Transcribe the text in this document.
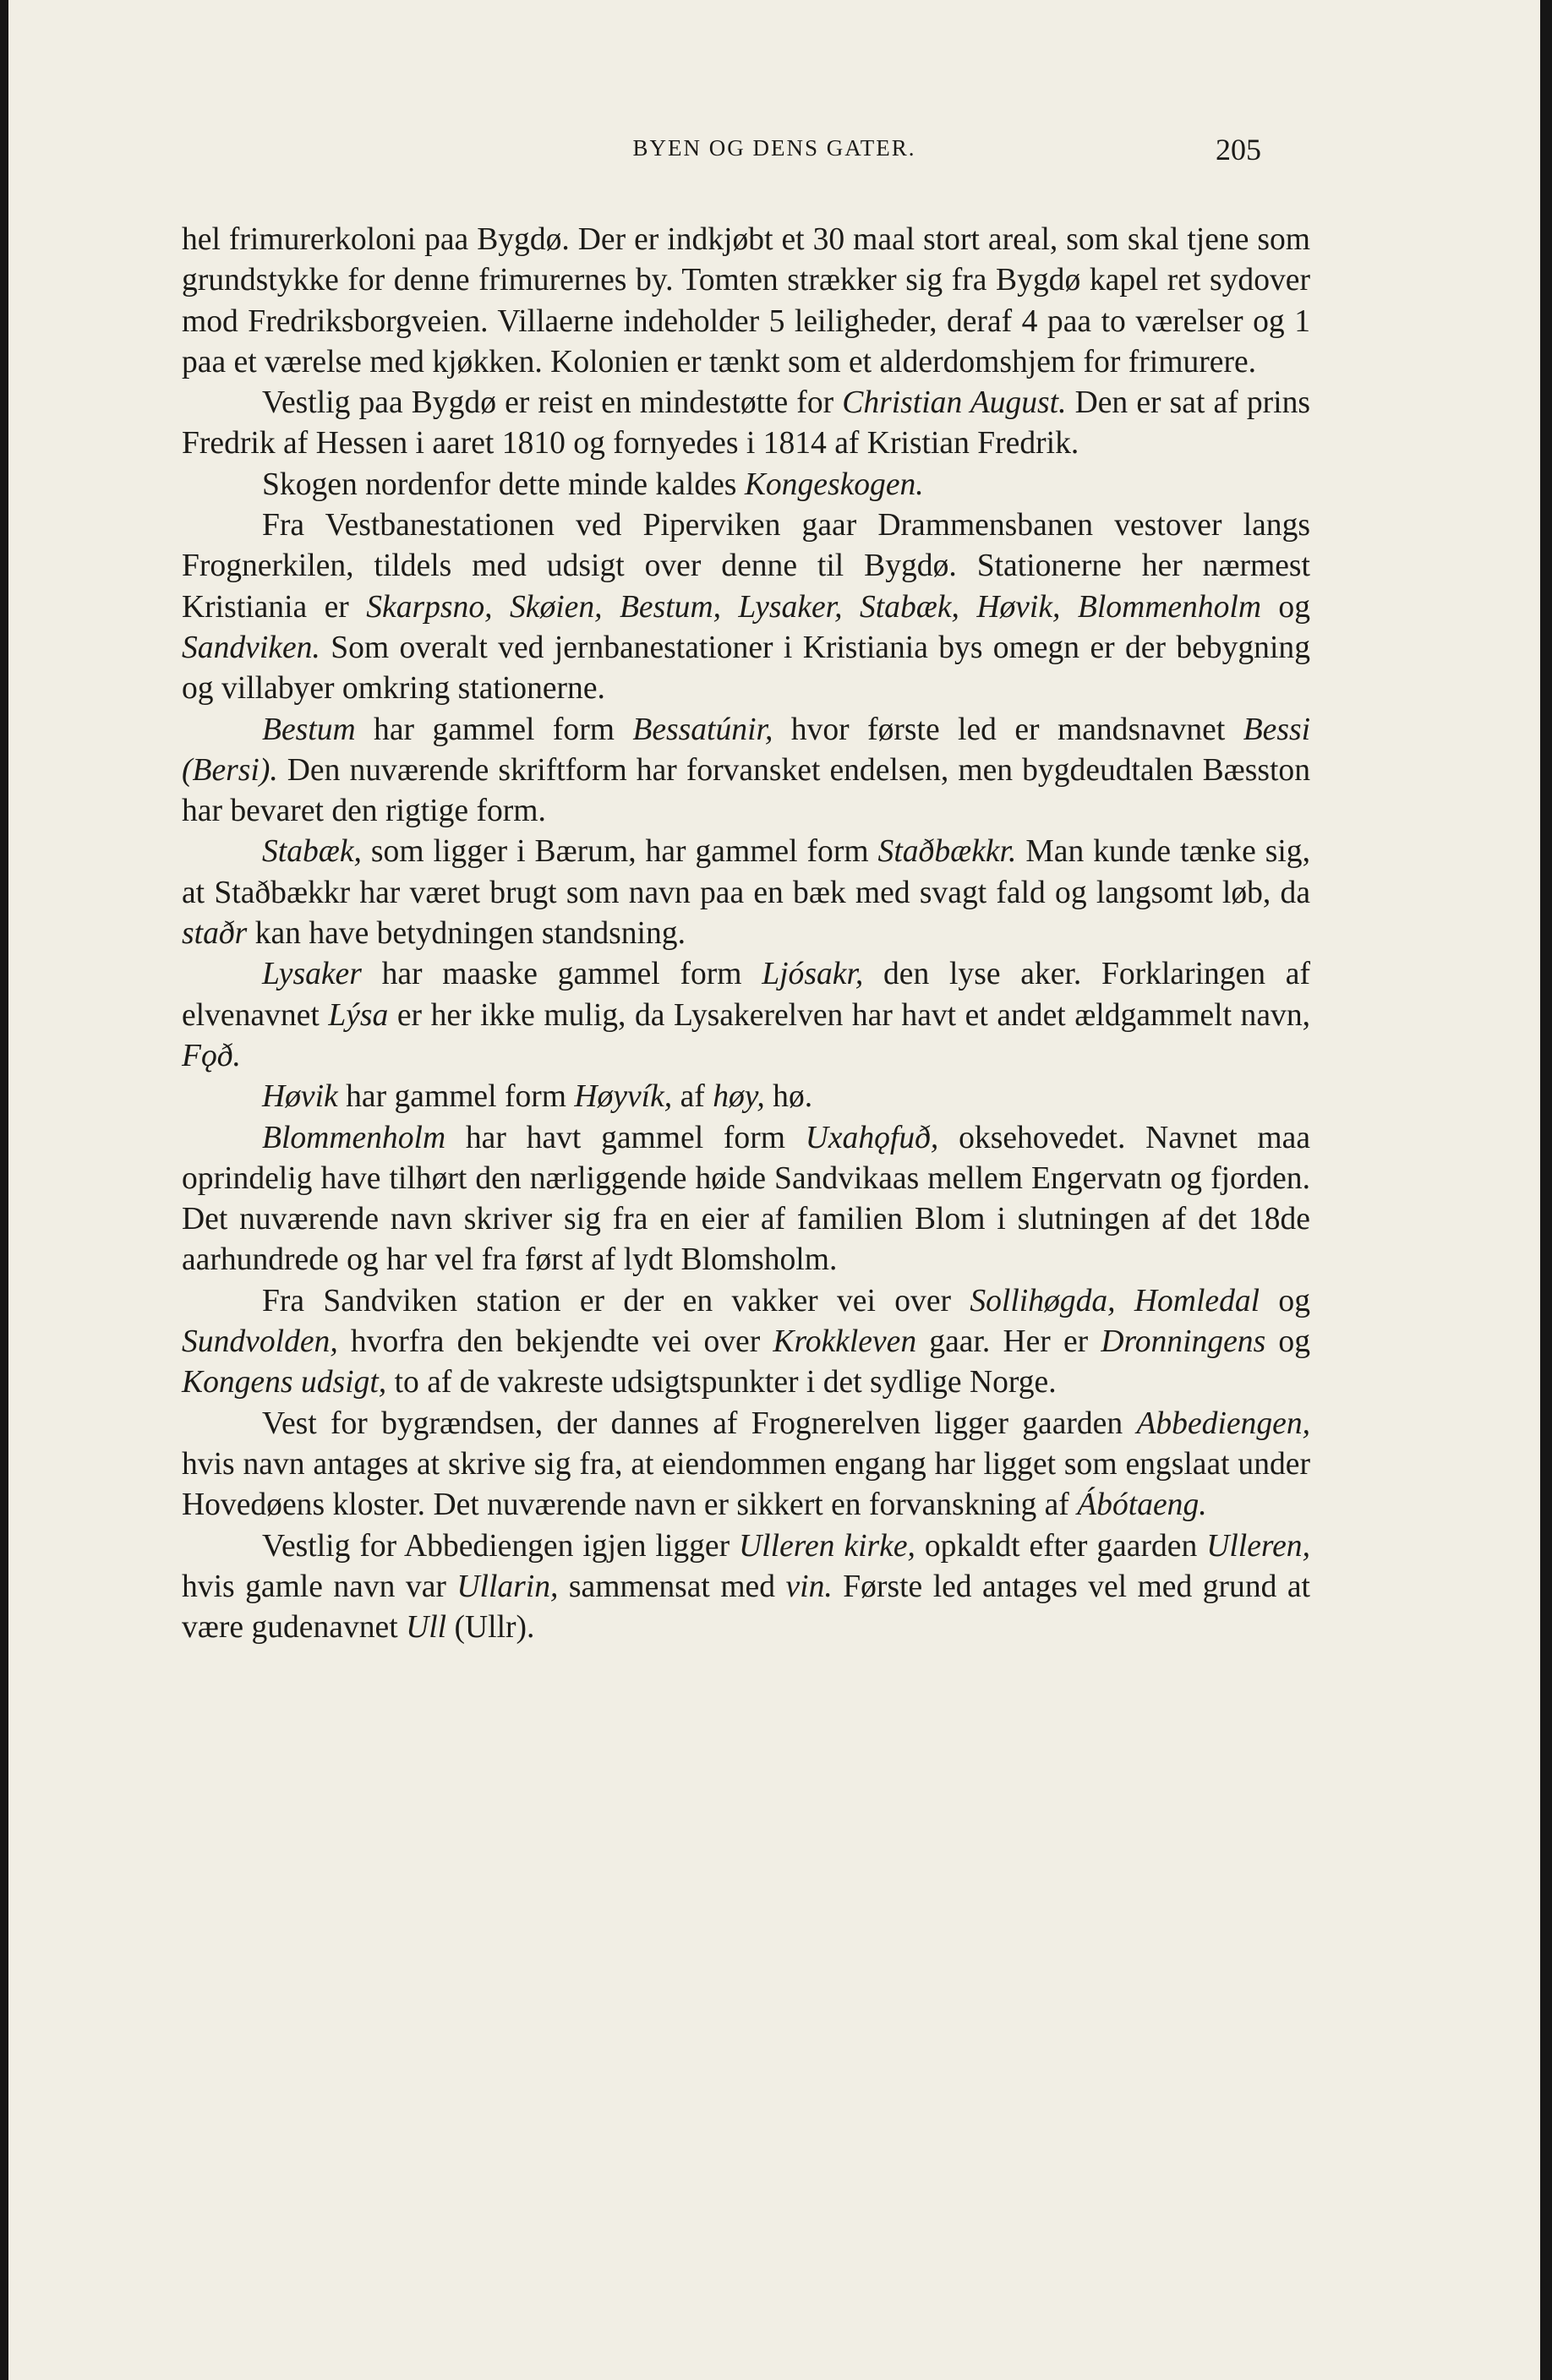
BYEN OG DENS GATER.	205

hel frimurerkoloni paa Bygdø. Der er indkjøbt et 30 maal stort areal, som skal tjene som grundstykke for denne frimurernes by. Tomten strækker sig fra Bygdø kapel ret sydover mod Fredriksborgveien. Villaerne indeholder 5 leiligheder, deraf 4 paa to værelser og 1 paa et værelse med kjøkken. Kolonien er tænkt som et alderdomshjem for frimurere.

Vestlig paa Bygdø er reist en mindestøtte for Christian August. Den er sat af prins Fredrik af Hessen i aaret 1810 og fornyedes i 1814 af Kristian Fredrik.

Skogen nordenfor dette minde kaldes Kongeskogen.

Fra Vestbanestationen ved Piperviken gaar Drammensbanen vestover langs Frognerkilen, tildels med udsigt over denne til Bygdø. Stationerne her nærmest Kristiania er Skarpsno, Skøien, Bestum, Lysaker, Stabæk, Høvik, Blommenholm og Sandviken. Som overalt ved jernbanestationer i Kristiania bys omegn er der bebygning og villabyer omkring stationerne.

Bestum har gammel form Bessatúnir, hvor første led er mandsnavnet Bessi (Bersi). Den nuværende skriftform har forvansket endelsen, men bygdeudtalen Bæsston har bevaret den rigtige form.

Stabæk, som ligger i Bærum, har gammel form Staðbækkr. Man kunde tænke sig, at Staðbækkr har været brugt som navn paa en bæk med svagt fald og langsomt løb, da staðr kan have betydningen standsning.

Lysaker har maaske gammel form Ljósakr, den lyse aker. Forklaringen af elvenavnet Lýsa er her ikke mulig, da Lysakerelven har havt et andet ældgammelt navn, Fǫð.

Høvik har gammel form Høyvík, af høy, hø.

Blommenholm har havt gammel form Uxahǫfuð, oksehovedet. Navnet maa oprindelig have tilhørt den nærliggende høide Sandvikaas mellem Engervatn og fjorden. Det nuværende navn skriver sig fra en eier af familien Blom i slutningen af det 18de aarhundrede og har vel fra først af lydt Blomsholm.

Fra Sandviken station er der en vakker vei over Sollihøgda, Homledal og Sundvolden, hvorfra den bekjendte vei over Krokkleven gaar. Her er Dronningens og Kongens udsigt, to af de vakreste udsigtspunkter i det sydlige Norge.

Vest for bygrændsen, der dannes af Frognerelven ligger gaarden Abbediengen, hvis navn antages at skrive sig fra, at eiendommen engang har ligget som engslaat under Hovedøens kloster. Det nuværende navn er sikkert en forvanskning af Ábótaeng.

Vestlig for Abbediengen igjen ligger Ulleren kirke, opkaldt efter gaarden Ulleren, hvis gamle navn var Ullarin, sammensat med vin. Første led antages vel med grund at være gudenavnet Ull (Ullr).
